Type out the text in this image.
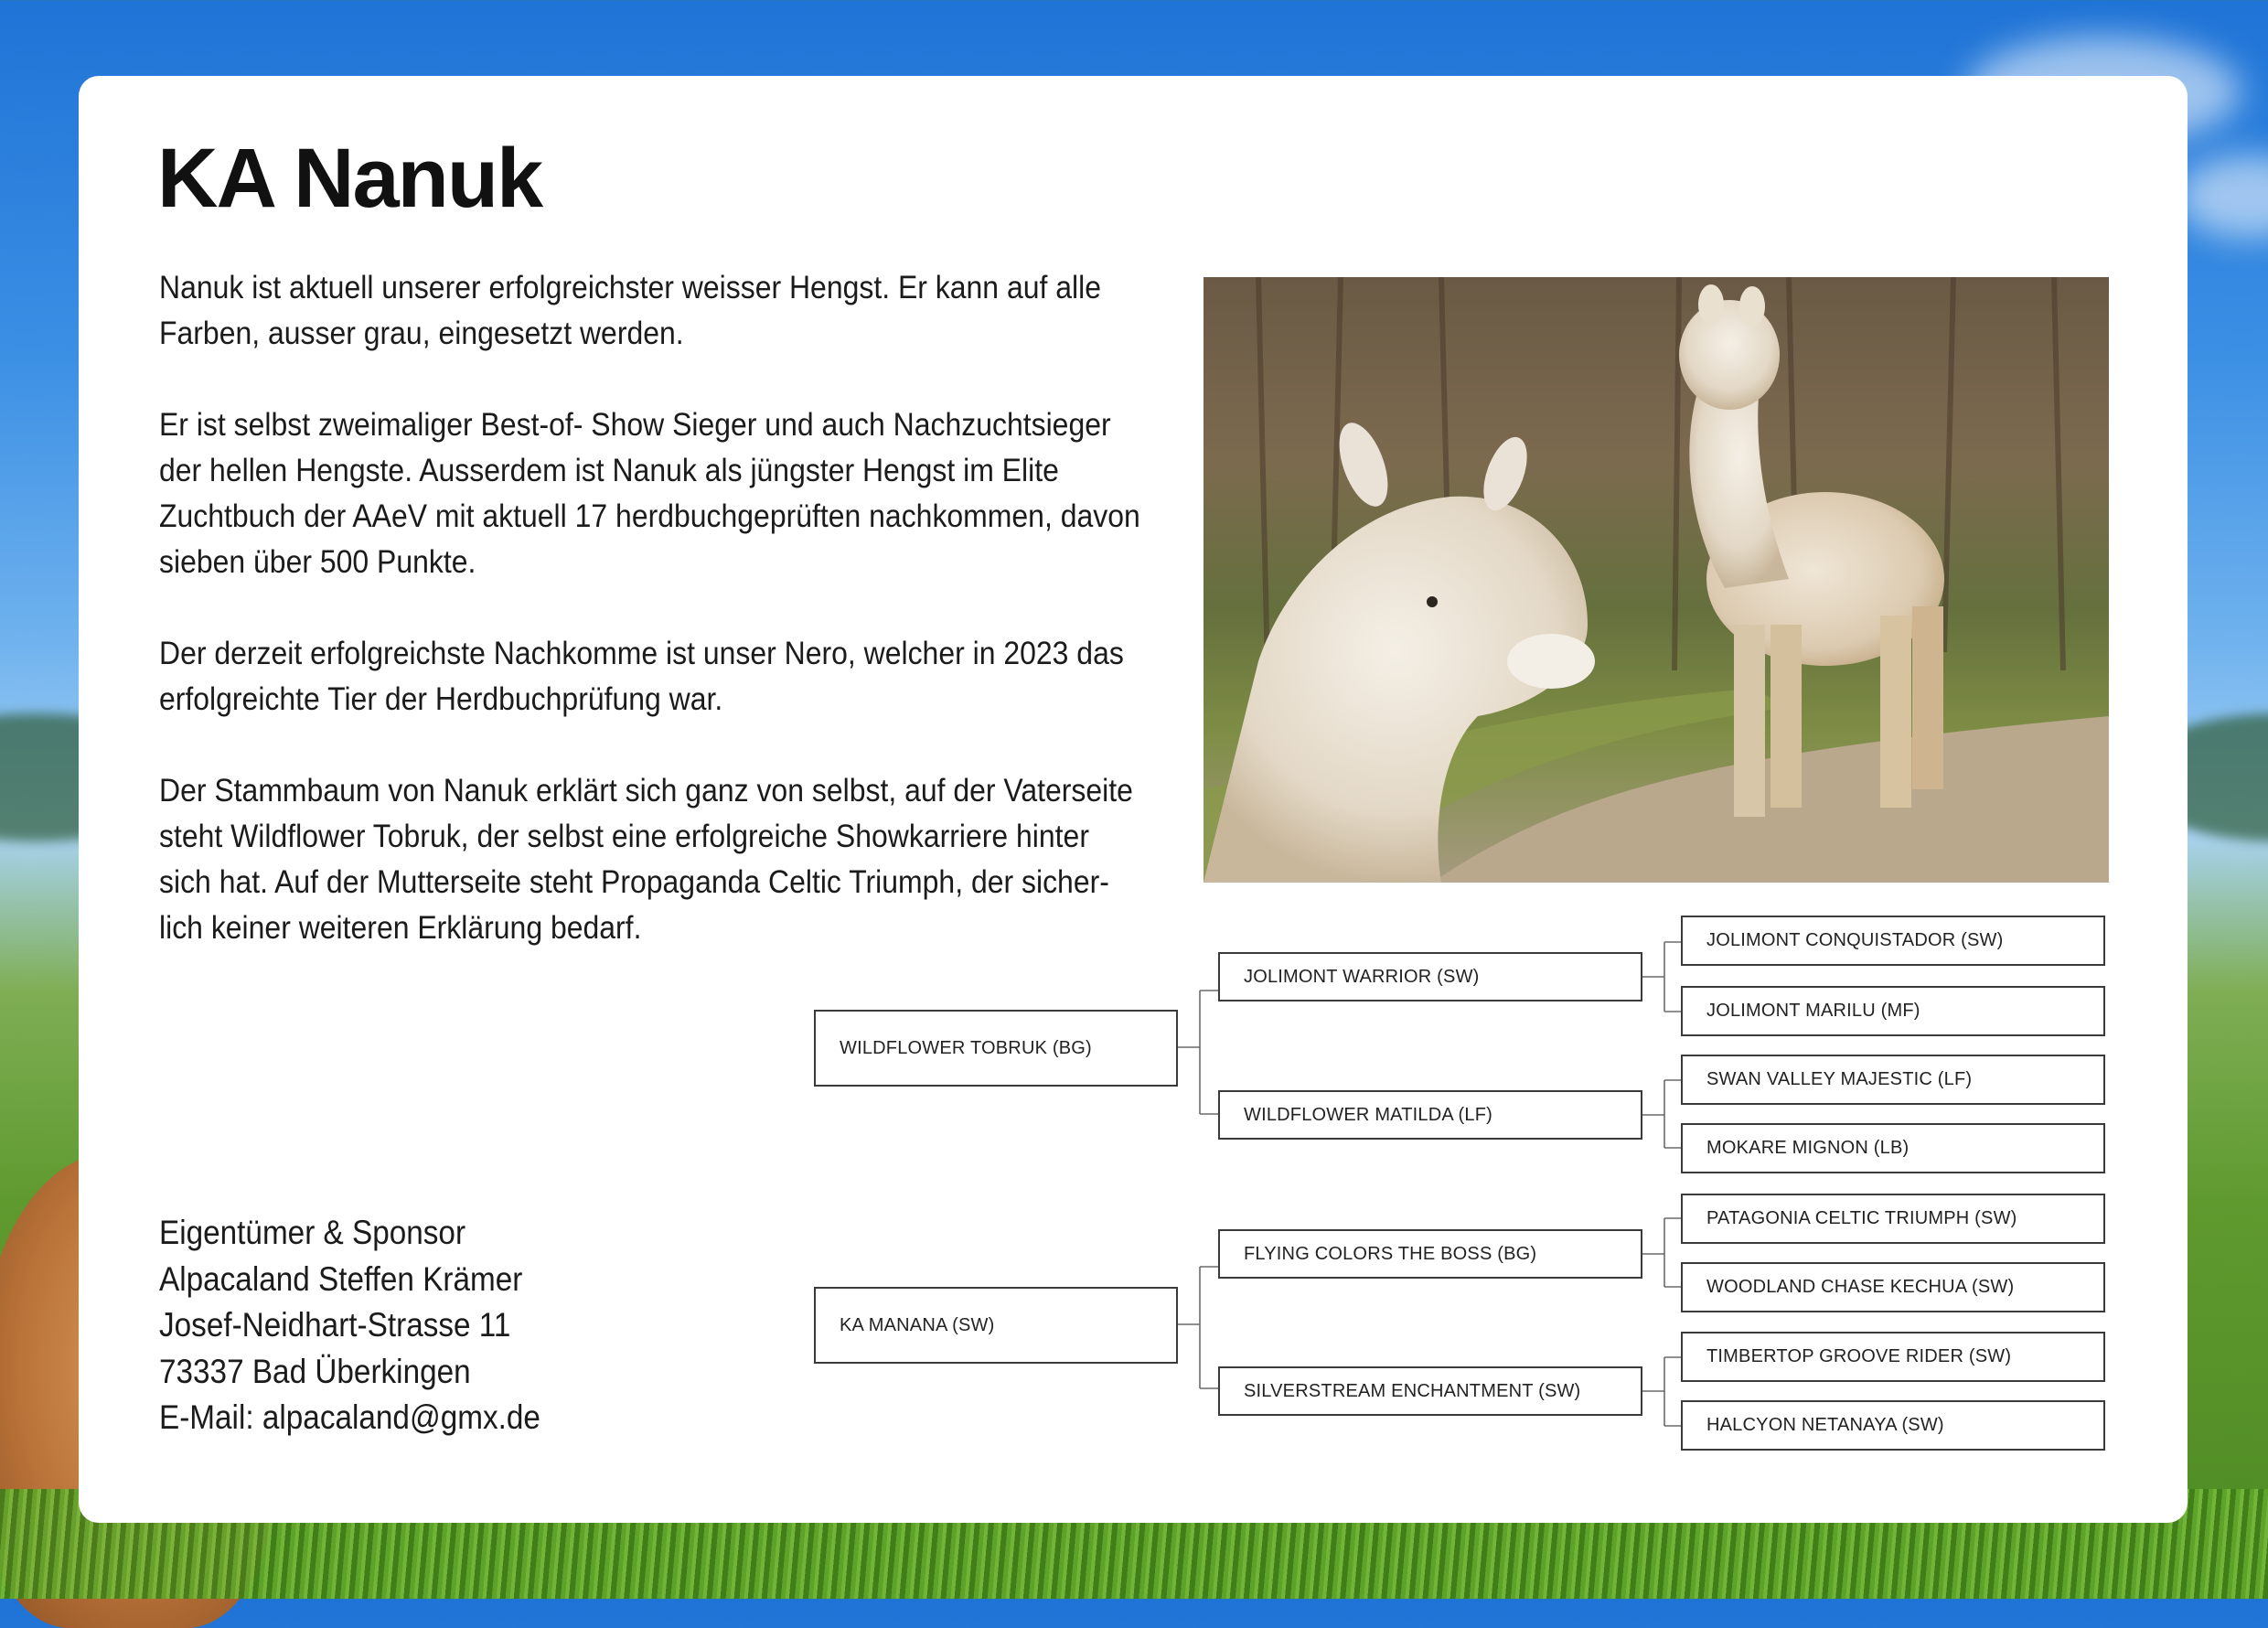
KA Nanuk

Nanuk ist aktuell unserer erfolgreichster weisser Hengst. Er kann auf alle Farben, ausser grau, eingesetzt werden.

Er ist selbst zweimaliger Best-of- Show Sieger und auch Nachzuchtsieger der hellen Hengste. Ausserdem ist Nanuk als jüngster Hengst im Elite Zuchtbuch der AAeV mit aktuell 17 herdbuchgeprüften nachkommen, davon sieben über 500 Punkte.

Der derzeit erfolgreichste Nachkomme ist unser Nero, welcher in 2023 das erfolgreichte Tier der Herdbuchprüfung war.

Der Stammbaum von Nanuk erklärt sich ganz von selbst, auf der Vaterseite steht Wildflower Tobruk, der selbst eine erfolgreiche Showkarriere hinter sich hat. Auf der Mutterseite steht Propaganda Celtic Triumph, der sicher-lich keiner weiteren Erklärung bedarf.

Eigentümer & Sponsor
Alpacaland Steffen Krämer
Josef-Neidhart-Strasse 11
73337 Bad Überkingen
E-Mail: alpacaland@gmx.de
WILDFLOWER TOBRUK (BG)
KA MANANA (SW)
JOLIMONT WARRIOR (SW)
WILDFLOWER MATILDA (LF)
FLYING COLORS THE BOSS (BG)
SILVERSTREAM ENCHANTMENT (SW)
JOLIMONT CONQUISTADOR (SW)
JOLIMONT MARILU (MF)
SWAN VALLEY MAJESTIC (LF)
MOKARE MIGNON (LB)
PATAGONIA CELTIC TRIUMPH (SW)
WOODLAND CHASE KECHUA (SW)
TIMBERTOP GROOVE RIDER (SW)
HALCYON NETANAYA (SW)
